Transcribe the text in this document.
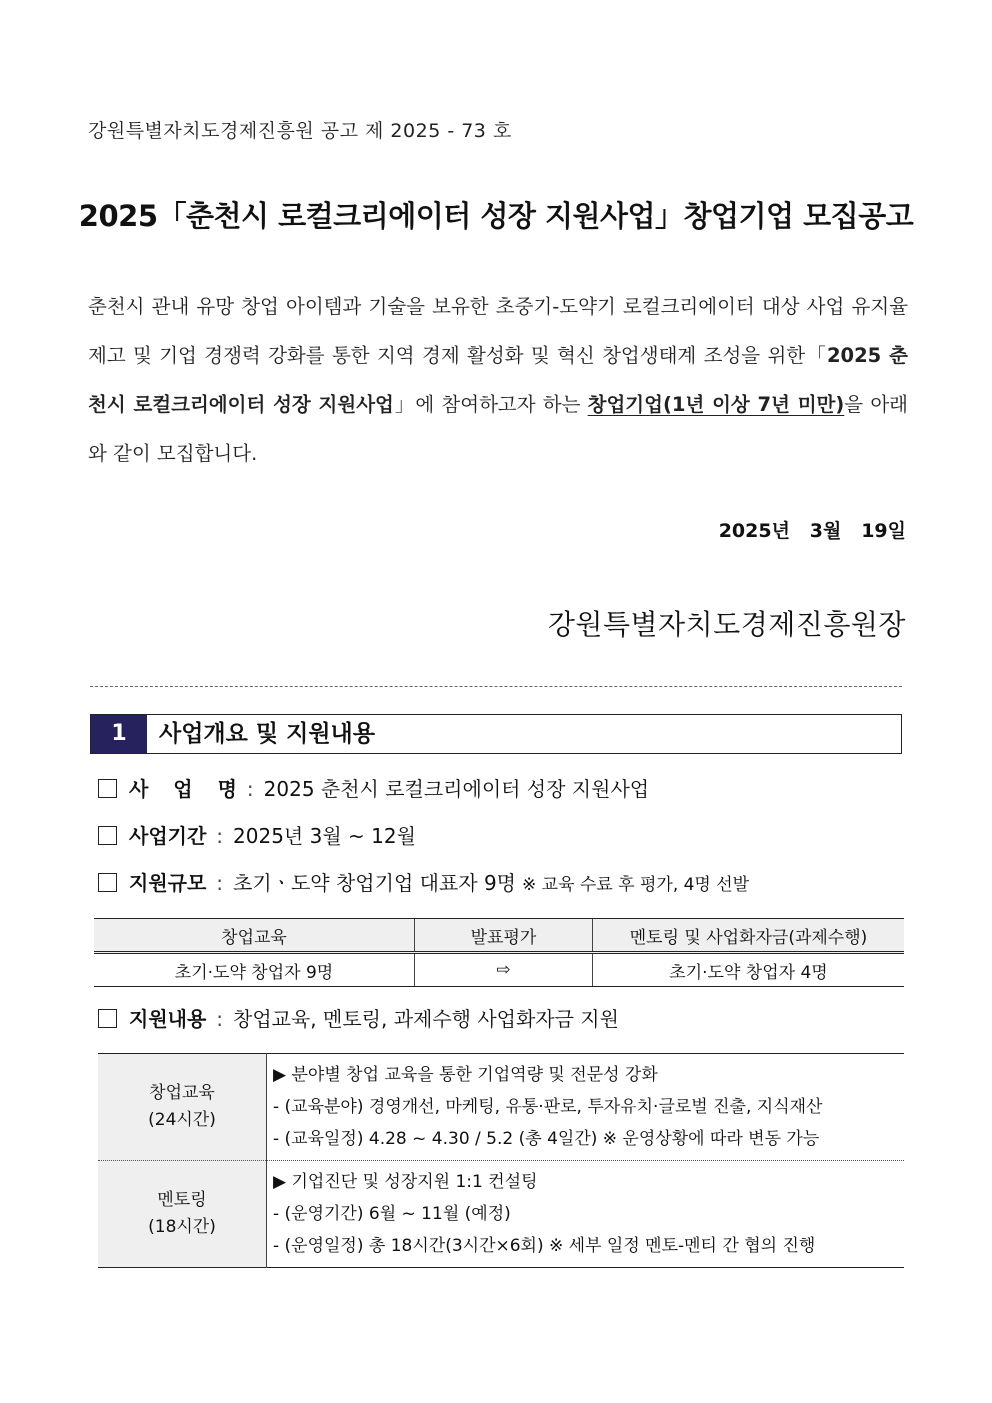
강원특별자치도경제진흥원 공고 제 2025 - 73 호
2025「춘천시 로컬크리에이터 성장 지원사업」창업기업 모집공고
춘천시 관내 유망 창업 아이템과 기술을 보유한 초중기-도약기 로컬크리에이터 대상 사업 유지율 제고 및 기업 경쟁력 강화를 통한 지역 경제 활성화 및 혁신 창업생태계 조성을 위한「2025 춘천시 로컬크리에이터 성장 지원사업」에 참여하고자 하는 창업기업(1년 이상 7년 미만)을 아래와 같이 모집합니다.
2025년   3월   19일
강원특별자치도경제진흥원장
1	사업개요 및 지원내용
사 업 명: 2025 춘천시 로컬크리에이터 성장 지원사업
사업기간 : 2025년 3월 ~ 12월
지원규모 : 초기ㆍ도약 창업기업 대표자 9명 ※ 교육 수료 후 평가, 4명 선발
창업교육	발표평가	멘토링 및 사업화자금(과제수행)
초기·도약 창업자 9명	⇨	초기·도약 창업자 4명
지원내용 : 창업교육, 멘토링, 과제수행 사업화자금 지원
창업교육
(24시간)	▶ 분야별 창업 교육을 통한 기업역량 및 전문성 강화
- (교육분야) 경영개선, 마케팅, 유통·판로, 투자유치·글로벌 진출, 지식재산
- (교육일정) 4.28 ~ 4.30 / 5.2 (총 4일간) ※ 운영상황에 따라 변동 가능

멘토링
(18시간)	▶ 기업진단 및 성장지원 1:1 컨설팅
- (운영기간) 6월 ~ 11월 (예정)
- (운영일정) 총 18시간(3시간×6회) ※ 세부 일정 멘토-멘티 간 협의 진행
